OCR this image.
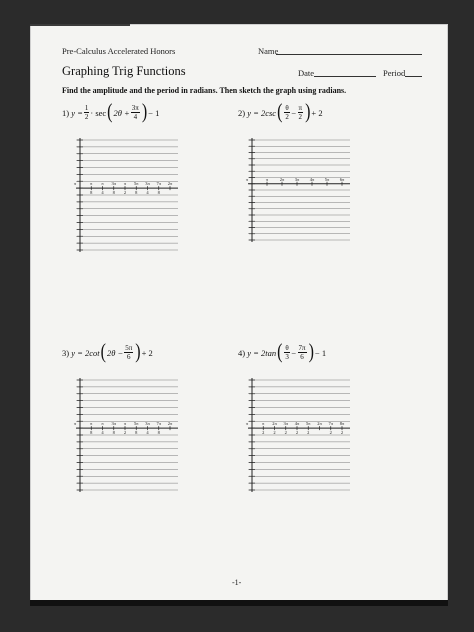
Pre-Calculus Accelerated Honors	Name
Graphing Trig Functions	Date	Period
Find the amplitude and the period in radians. Then sketch the graph using radians.
1)
$y = \frac{1}{2} \cdot \sec$ ( $2\theta + \frac{3\pi}{4}$ ) − 1	2)
y = 2csc ( $\frac{\theta}{2} - \frac{\pi}{2}$ ) + 2
3)
y = 2cot ( $2\theta - \frac{5\pi}{6}$ ) + 2	4)
y = 2tan ( $\frac{\theta}{3} - \frac{7\pi}{6}$ ) − 1
π
8
π
4
3π
8
π
2
5π
8
3π
4
7π
8
2π
π
π	2π 3π 4π 5π 6π
π
π
8
π
4
3π
8
π
2
5π
8
3π
4
7π
8
2π
π	π
2
2π
2
3π
2
4π
2
5π
2
2π 7π
2
8π
2
π
-1-
